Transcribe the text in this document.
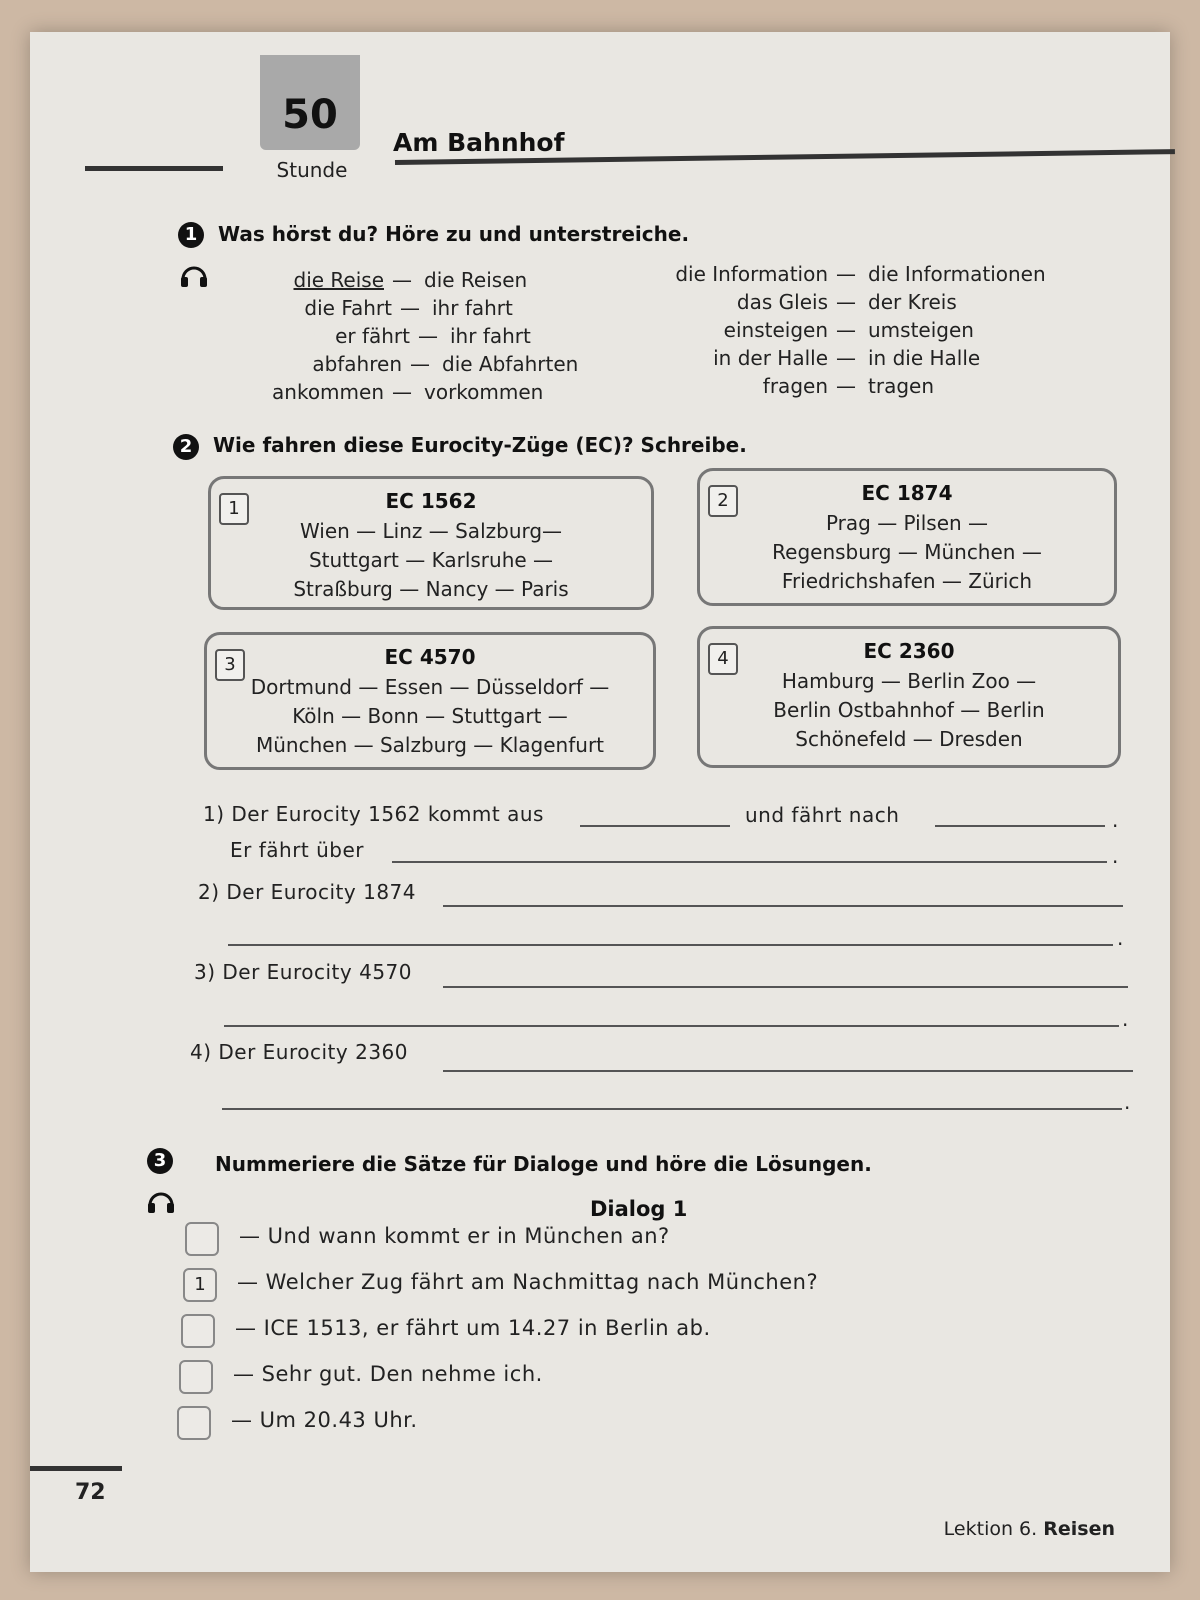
50
Stunde
Am Bahnhof
1	Was hörst du? Höre zu und unterstreiche.
die Reise — die Reisen
die Fahrt — ihr fahrt
er fährt — ihr fahrt
abfahren — die Abfahrten
ankommen — vorkommen
die Information — die Informationen
das Gleis — der Kreis
einsteigen — umsteigen
in der Halle — in die Halle
fragen — tragen
2	Wie fahren diese Eurocity-Züge (EC)? Schreibe.
1	EC 1562
Wien — Linz — Salzburg—
Stuttgart — Karlsruhe —
Straßburg — Nancy — Paris
2	EC 1874
Prag — Pilsen —
Regensburg — München —
Friedrichshafen — Zürich
3	EC 4570
Dortmund — Essen — Düsseldorf —
Köln — Bonn — Stuttgart —
München — Salzburg — Klagenfurt
4	EC 2360
Hamburg — Berlin Zoo —
Berlin Ostbahnhof — Berlin
Schönefeld — Dresden
1) Der Eurocity 1562 kommt aus	und fährt nach	.
Er fährt über	.
2) Der Eurocity 1874
.
3) Der Eurocity 4570
.
4) Der Eurocity 2360
.
3	Nummeriere die Sätze für Dialoge und höre die Lösungen.
Dialog 1
— Und wann kommt er in München an?
1	— Welcher Zug fährt am Nachmittag nach München?
— ICE 1513, er fährt um 14.27 in Berlin ab.
— Sehr gut. Den nehme ich.
— Um 20.43 Uhr.
72
Lektion 6. Reisen
